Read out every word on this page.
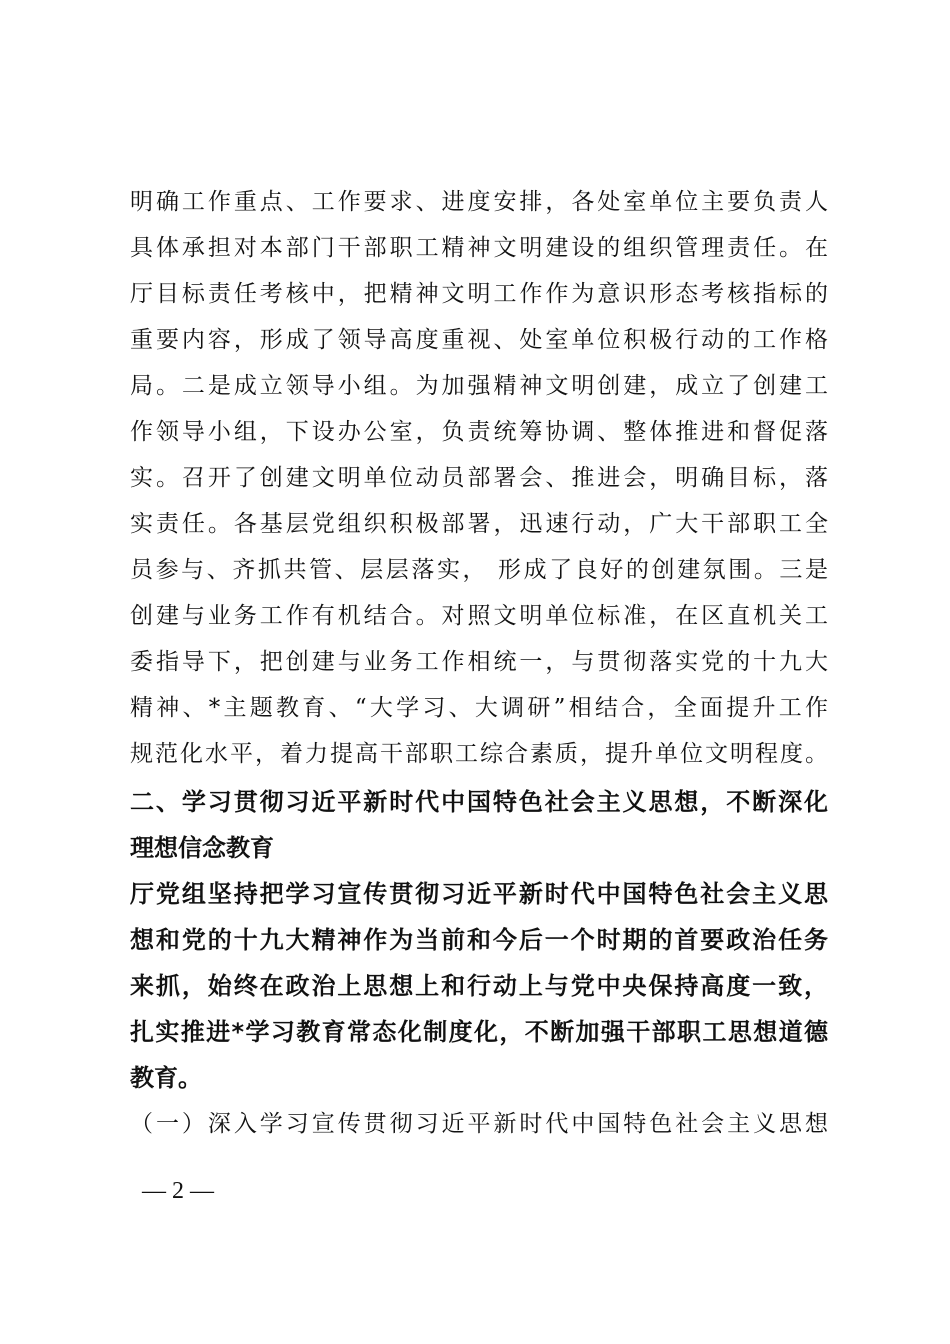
明确工作重点、工作要求、进度安排，各处室单位主要负责人
具体承担对本部门干部职工精神文明建设的组织管理责任。在
厅目标责任考核中，把精神文明工作作为意识形态考核指标的
重要内容，形成了领导高度重视、处室单位积极行动的工作格
局。二是成立领导小组。为加强精神文明创建，成立了创建工
作领导小组，下设办公室，负责统筹协调、整体推进和督促落
实。召开了创建文明单位动员部署会、推进会，明确目标，落
实责任。各基层党组织积极部署，迅速行动，广大干部职工全
员参与、齐抓共管、层层落实， 形成了良好的创建氛围。三是
创建与业务工作有机结合。对照文明单位标准，在区直机关工
委指导下，把创建与业务工作相统一，与贯彻落实党的十九大
精神、*主题教育、“大学习、大调研”相结合，全面提升工作
规范化水平，着力提高干部职工综合素质，提升单位文明程度。
二、学习贯彻习近平新时代中国特色社会主义思想，不断深化
理想信念教育
厅党组坚持把学习宣传贯彻习近平新时代中国特色社会主义思
想和党的十九大精神作为当前和今后一个时期的首要政治任务
来抓，始终在政治上思想上和行动上与党中央保持高度一致，
扎实推进*学习教育常态化制度化，不断加强干部职工思想道德
教育。
（一）深入学习宣传贯彻习近平新时代中国特色社会主义思想
— 2 —
